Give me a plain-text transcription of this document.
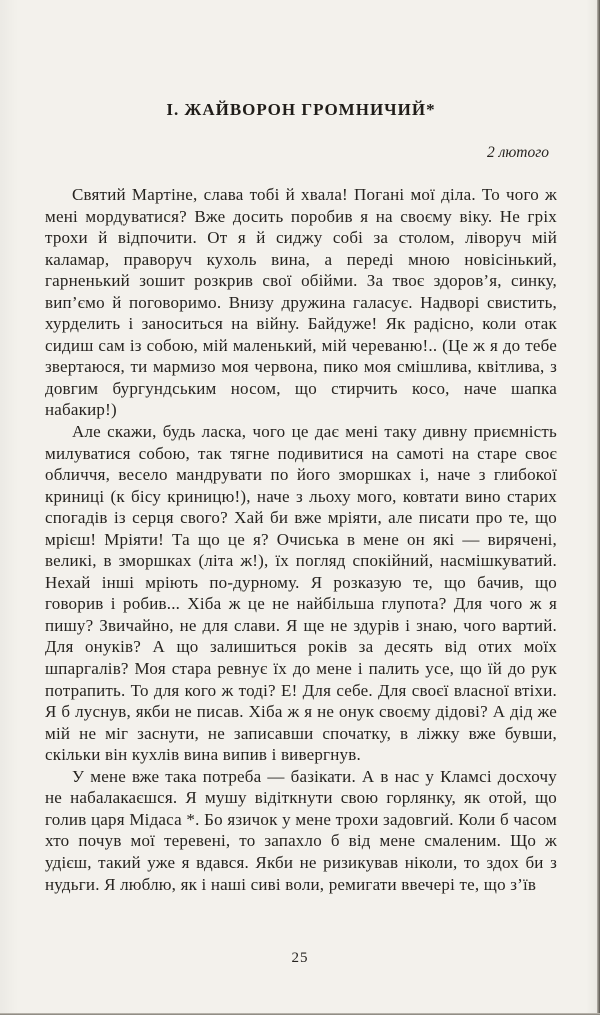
І. ЖАЙВОРОН ГРОМНИЧИЙ*
2 лютого

Святий Мартіне, слава тобі й хвала! Погані мої діла. То чого ж мені мордуватися? Вже досить поробив я на своєму віку. Не гріх трохи й відпочити. От я й сиджу собі за столом, ліворуч мій каламар, праворуч кухоль вина, а переді мною новісінький, гарненький зошит розкрив свої обійми. За твоє здоров’я, синку, вип’ємо й поговоримо. Внизу дружина галасує. Надворі свистить, хурделить і заноситься на війну. Байдуже! Як радісно, коли отак сидиш сам із собою, мій маленький, мій череваню!.. (Це ж я до тебе звертаюся, ти мармизо моя червона, пико моя смішлива, квітлива, з довгим бургундським носом, що стирчить косо, наче шапка набакир!)

Але скажи, будь ласка, чого це дає мені таку дивну приємність милуватися собою, так тягне подивитися на самоті на старе своє обличчя, весело мандрувати по його зморшках і, наче з глибокої криниці (к бісу криницю!), наче з льоху мого, ковтати вино старих спогадів із серця свого? Хай би вже мріяти, але писати про те, що мрієш! Мріяти! Та що це я? Очиська в мене он які — вирячені, великі, в зморшках (літа ж!), їх погляд спокійний, насмішкуватий. Нехай інші мріють по-дурному. Я розказую те, що бачив, що говорив і робив... Хіба ж це не найбільша глупота? Для чого ж я пишу? Звичайно, не для слави. Я ще не здурів і знаю, чого вартий. Для онуків? А що залишиться років за десять від отих моїх шпаргалів? Моя стара ревнує їх до мене і палить усе, що їй до рук потрапить. То для кого ж тоді? Е! Для себе. Для своєї власної втіхи. Я б луснув, якби не писав. Хіба ж я не онук своєму дідові? А дід же мій не міг заснути, не записавши спочатку, в ліжку вже бувши, скільки він кухлів вина випив і вивергнув.

У мене вже така потреба — базікати. А в нас у Кламсі досхочу не набалакаєшся. Я мушу відіткнути свою горлянку, як отой, що голив царя Мідаса *. Бо язичок у мене трохи задовгий. Коли б часом хто почув мої теревені, то запахло б від мене смаленим. Що ж удієш, такий уже я вдався. Якби не ризикував ніколи, то здох би з нудьги. Я люблю, як і наші сиві воли, ремигати ввечері те, що з’їв

25
